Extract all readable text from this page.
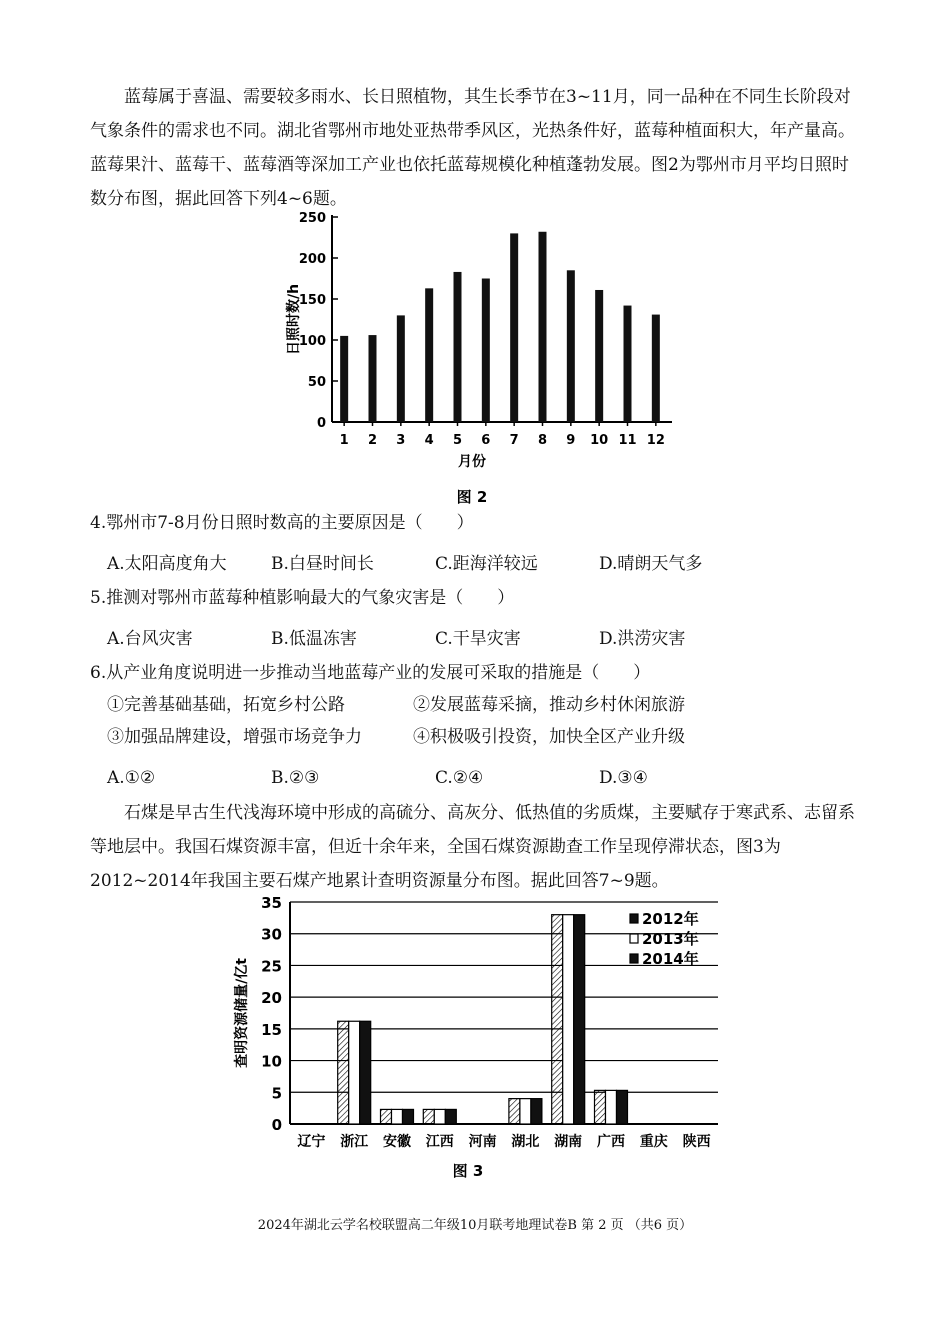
蓝莓属于喜温、需要较多雨水、长日照植物，其生长季节在3~11月，同一品种在不同生长阶段对气象条件的需求也不同。湖北省鄂州市地处亚热带季风区，光热条件好，蓝莓种植面积大，年产量高。蓝莓果汁、蓝莓干、蓝莓酒等深加工产业也依托蓝莓规模化种植蓬勃发展。图2为鄂州市月平均日照时数分布图，据此回答下列4~6题。

0
50
100
150
200
250
1 2 3 4 5 6 7 8 9 10 11 12
月份
日照时数/h
图 2
4.鄂州市7-8月份日照时数高的主要原因是（　　）
A.太阳高度角大	B.白昼时间长	C.距海洋较远	D.晴朗天气多
5.推测对鄂州市蓝莓种植影响最大的气象灾害是（　　）
A.台风灾害	B.低温冻害	C.干旱灾害	D.洪涝灾害
6.从产业角度说明进一步推动当地蓝莓产业的发展可采取的措施是（　　）
①完善基础基础，拓宽乡村公路	②发展蓝莓采摘，推动乡村休闲旅游
③加强品牌建设，增强市场竞争力	④积极吸引投资，加快全区产业升级
A.①②	B.②③	C.②④	D.③④

石煤是早古生代浅海环境中形成的高硫分、高灰分、低热值的劣质煤，主要赋存于寒武系、志留系等地层中。我国石煤资源丰富，但近十余年来，全国石煤资源勘查工作呈现停滞状态，图3为2012~2014年我国主要石煤产地累计查明资源量分布图。据此回答7~9题。

0
5
10
15
20
25
30
35
辽宁 浙江 安徽 江西 河南 湖北 湖南 广西 重庆 陕西
查明资源储量/亿t
2012年
2013年
2014年
图 3
2024年湖北云学名校联盟高二年级10月联考地理试卷B 第 2 页 （共6 页）
